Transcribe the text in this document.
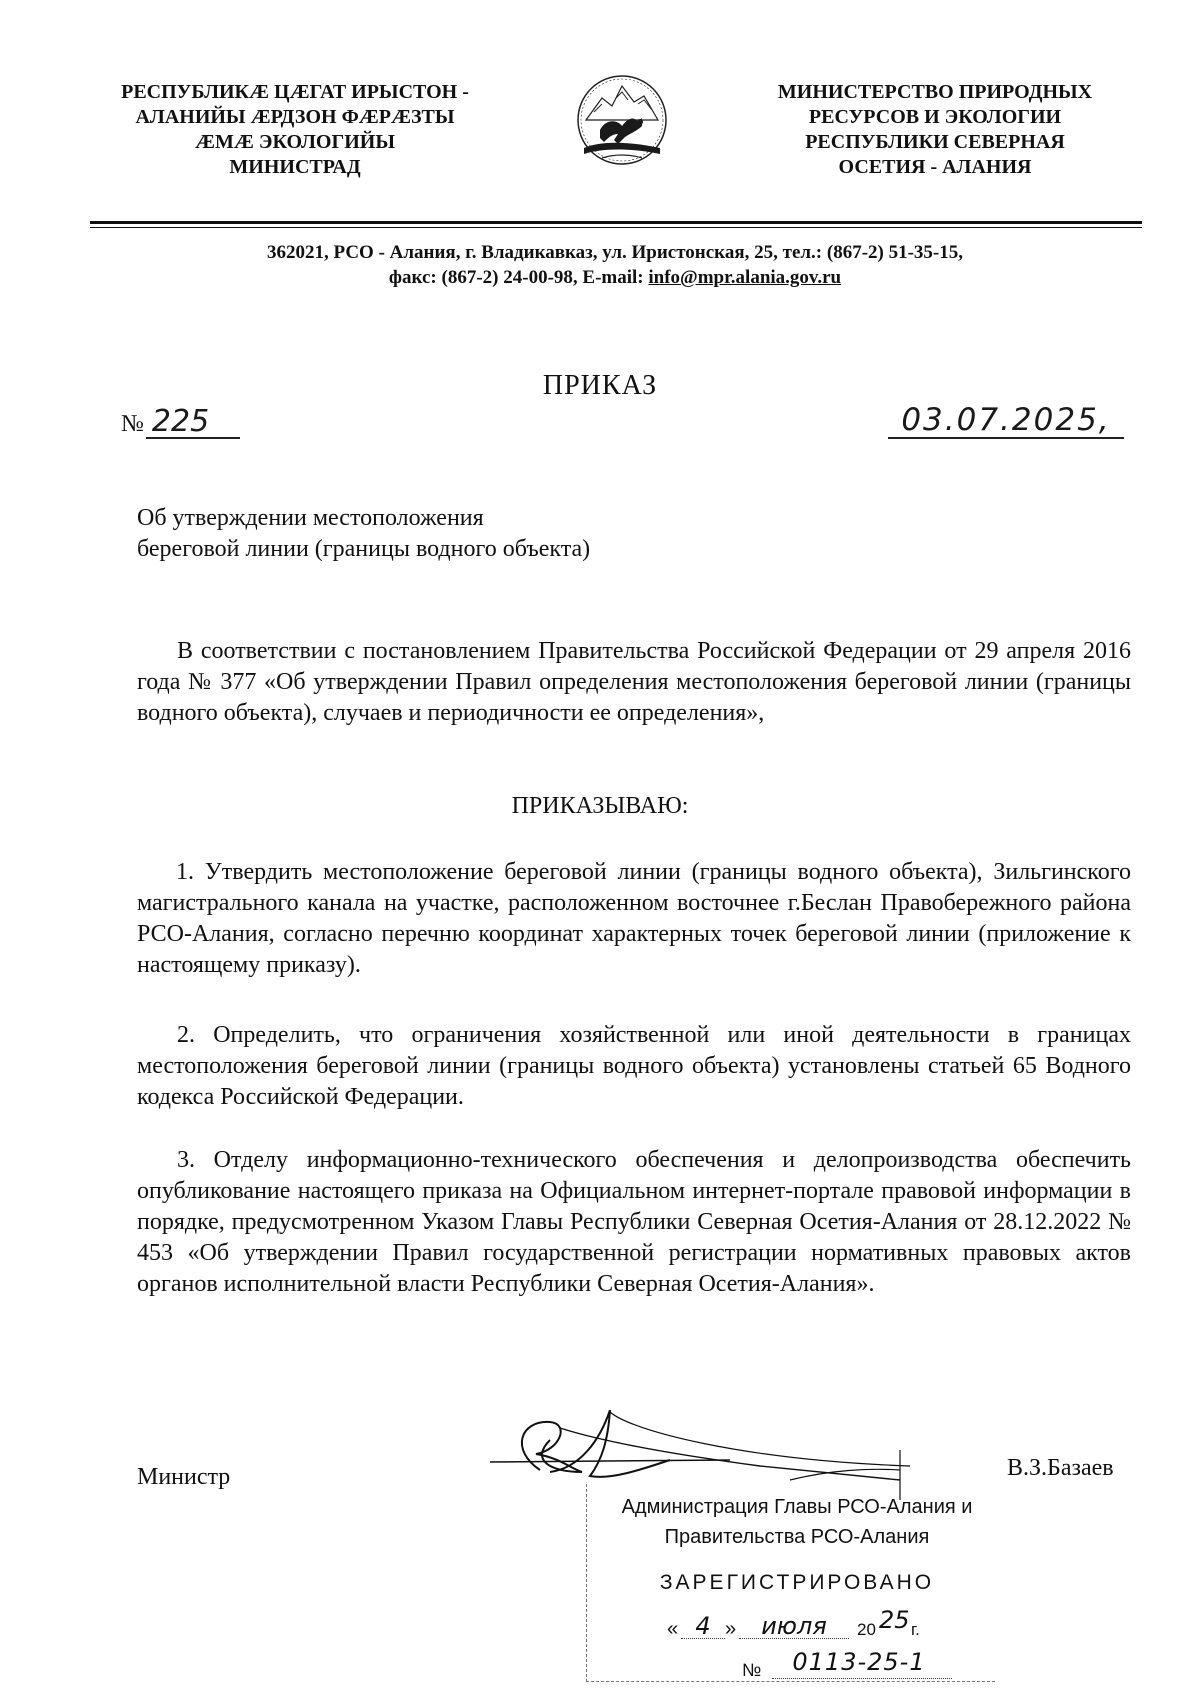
РЕСПУБЛИКӔ ЦӔГАТ ИРЫСТОН -
АЛАНИЙЫ ӔРДЗОН ФӔРӔЗТЫ
ӔМӔ ЭКОЛОГИЙЫ
МИНИСТРАД
МИНИСТЕРСТВО ПРИРОДНЫХ
РЕСУРСОВ И ЭКОЛОГИИ
РЕСПУБЛИКИ СЕВЕРНАЯ
ОСЕТИЯ - АЛАНИЯ
362021, РСО - Алания, г. Владикавказ, ул. Иристонская, 25, тел.: (867-2) 51-35-15,
факс: (867-2) 24-00-98, E-mail: info@mpr.alania.gov.ru
ПРИКАЗ
№ 225	03.07.2025,
Об утверждении местоположения
береговой линии (границы водного объекта)
В соответствии с постановлением Правительства Российской Федерации от 29 апреля 2016 года № 377 «Об утверждении Правил определения местоположения береговой линии (границы водного объекта), случаев и периодичности ее определения»,
ПРИКАЗЫВАЮ:
1. Утвердить местоположение береговой линии (границы водного объекта), Зильгинского магистрального канала на участке, расположенном восточнее г.Беслан Правобережного района РСО-Алания, согласно перечню координат характерных точек береговой линии (приложение к настоящему приказу).
2. Определить, что ограничения хозяйственной или иной деятельности в границах местоположения береговой линии (границы водного объекта) установлены статьей 65 Водного кодекса Российской Федерации.
3. Отделу информационно-технического обеспечения и делопроизводства обеспечить опубликование настоящего приказа на Официальном интернет-портале правовой информации в порядке, предусмотренном Указом Главы Республики Северная Осетия-Алания от 28.12.2022 № 453 «Об утверждении Правил государственной регистрации нормативных правовых актов органов исполнительной власти Республики Северная Осетия-Алания».
Министр	В.З.Базаев
Администрация Главы РСО-Алания и
Правительства РСО-Алания
ЗАРЕГИСТРИРОВАНО
« 4 »	июля	20 25 г.
№	0113-25-1
